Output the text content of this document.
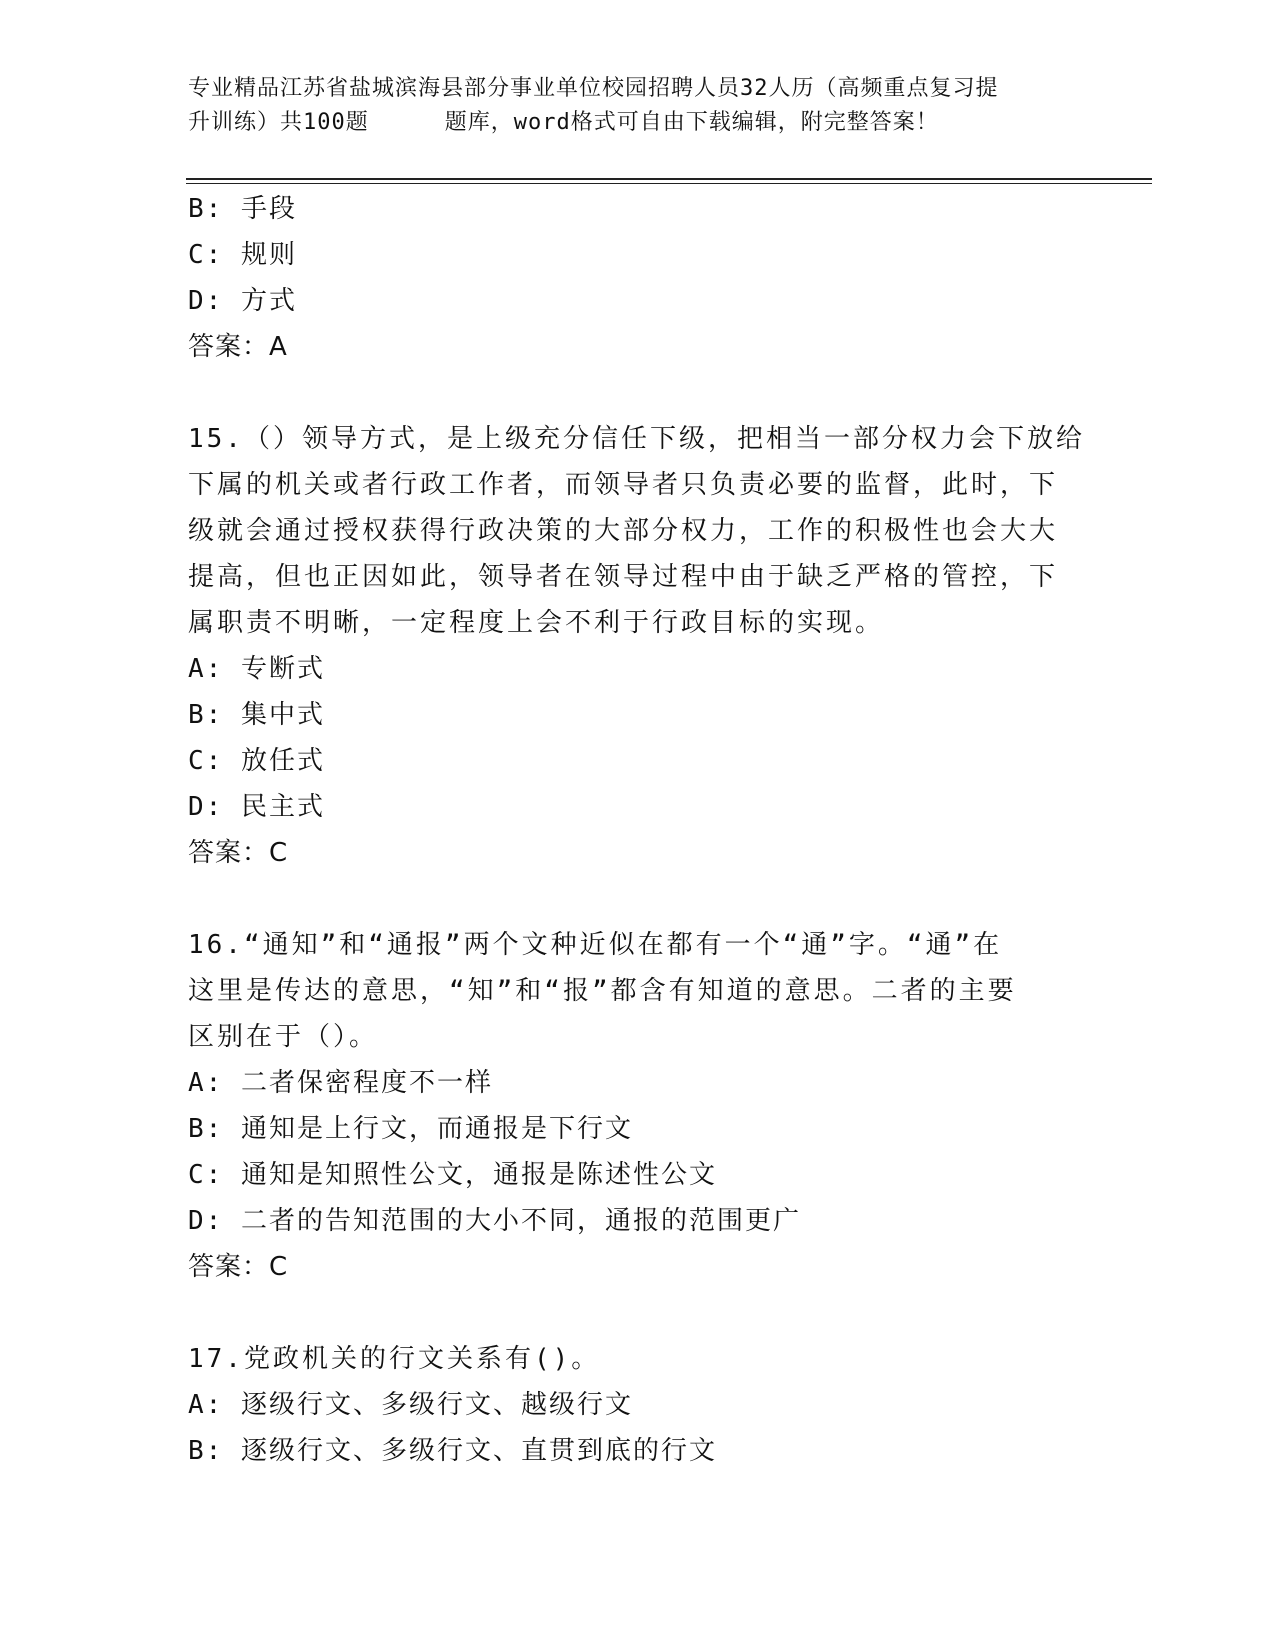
专业精品江苏省盐城滨海县部分事业单位校园招聘人员32人历（高频重点复习提
升训练）共100题	题库，word格式可自由下载编辑，附完整答案！
B: 手段
C: 规则
D: 方式
答案：A
15.（）领导方式，是上级充分信任下级，把相当一部分权力会下放给
下属的机关或者行政工作者，而领导者只负责必要的监督，此时，下
级就会通过授权获得行政决策的大部分权力，工作的积极性也会大大
提高，但也正因如此，领导者在领导过程中由于缺乏严格的管控，下
属职责不明晰，一定程度上会不利于行政目标的实现。
A: 专断式
B: 集中式
C: 放任式
D: 民主式
答案：C
16.“通知”和“通报”两个文种近似在都有一个“通”字。“通”在
这里是传达的意思，“知”和“报”都含有知道的意思。二者的主要
区别在于（）。
A: 二者保密程度不一样
B: 通知是上行文，而通报是下行文
C: 通知是知照性公文，通报是陈述性公文
D: 二者的告知范围的大小不同，通报的范围更广
答案：C
17.党政机关的行文关系有()。
A: 逐级行文、多级行文、越级行文
B: 逐级行文、多级行文、直贯到底的行文
